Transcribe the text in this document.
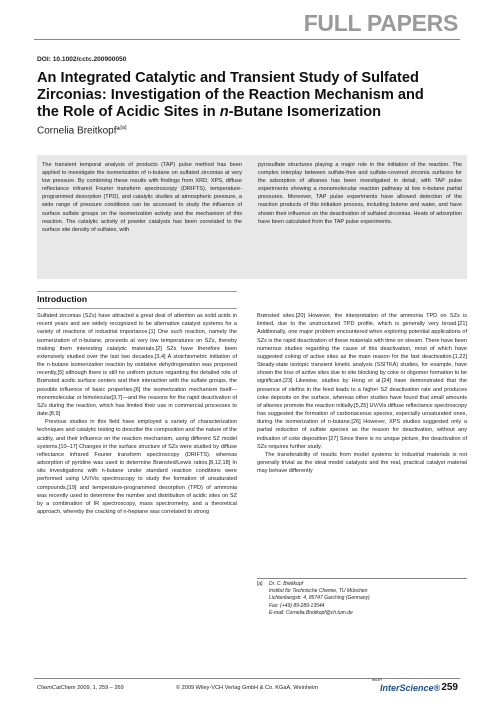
FULL PAPERS
DOI: 10.1002/cctc.200900050
An Integrated Catalytic and Transient Study of Sulfated
Zirconias: Investigation of the Reaction Mechanism and
the Role of Acidic Sites in n-Butane Isomerization
Cornelia Breitkopf*[a]
The transient temporal analysis of products (TAP) pulse method has been applied to investigate the isomerization of n-butane on sulfated zirconias at very low pressure. By combining these results with findings from XRD, XPS, diffuse reflectance infrared Fourier transform spectroscopy (DRIFTS), temperature-programmed desorption (TPD), and catalytic studies at atmospheric pressure, a wide range of pressure conditions can be accessed to study the influence of surface sulfate groups on the isomerization activity and the mechanism of this reaction. The catalytic activity of powder catalysts has been correlated to the surface site density of sulfates, with
pyrosulfate structures playing a major role in the initiation of the reaction. The complex interplay between sulfate-free and sulfate-covered zirconia surfaces for the adsorption of alkanes has been investigated in detail, with TAP pulse experiments showing a monomolecular reaction pathway at low n-butane partial pressures. Moreover, TAP pulse experiments have allowed detection of the reaction products of this initiation process, including butene and water, and have shown their influence on the deactivation of sulfated zirconias. Heats of adsorption have been calculated from the TAP pulse experiments.
Introduction

Sulfated zirconias (SZs) have attracted a great deal of attention as solid acids in recent years and are widely recognized to be alternative catalyst systems for a variety of reactions of industrial importance.[1] One such reaction, namely the isomerization of n-butane, proceeds at very low temperatures on SZs, thereby making them interesting catalytic materials.[2] SZs have therefore been extensively studied over the last two decades.[3,4] A stoichiometric initiation of the n-butane isomerization reaction by oxidative dehydrogenation was proposed recently,[5] although there is still no uniform picture regarding the detailed role of Brønsted acidic surface centers and their interaction with the sulfate groups, the possible influence of basic properties,[6] the isomerization mechanism itself—monomolecular or bimolecular[3,7]—and the reasons for the rapid deactivation of SZs during the reaction, which has limited their use in commercial processes to date.[8,9]

Previous studies in this field have employed a variety of characterization techniques and catalytic testing to describe the composition and the nature of the acidity, and their influence on the reaction mechanism, using different SZ model systems.[10–17] Changes in the surface structure of SZs were studied by diffuse reflectance infrared Fourier transform spectroscopy (DRIFTS), whereas adsorption of pyridine was used to determine Brønsted/Lewis ratios.[8,12,18] In situ investigations with n-butane under standard reaction conditions were performed using UV/Vis spectroscopy to study the formation of unsaturated compounds,[19] and temperature-programmed desorption (TPD) of ammonia was recently used to determine the number and distribution of acidic sites on SZ by a combination of IR spectroscopy, mass spectrometry, and a theoretical approach, whereby the cracking of n-heptane was correlated to strong

Brønsted sites.[20] However, the interpretation of the ammonia TPD on SZs is limited, due to the unstructured TPD profile, which is generally very broad.[21] Additionally, one major problem encountered when exploring potential applications of SZs is the rapid deactivation of these materials with time on stream. There have been numerous studies regarding the cause of this deactivation, most of which have suggested coking of active sites as the main reason for the fast deactivation.[1,22] Steady-state isotopic transient kinetic analysis (SSITKA) studies, for example, have shown the loss of active sites due to site blocking by coke or oligomer formation to be significant.[23] Likewise, studies by Hong et al.[24] have demonstrated that the presence of olefins in the feed leads to a higher SZ deactivation rate and produces coke deposits on the surface, whereas other studies have found that small amounts of alkenes promote the reaction initially.[5,25] UV/Vis diffuse reflectance spectroscopy has suggested the formation of carbonaceous species, especially unsaturated ones, during the isomerization of n-butane.[26] However, XPS studies suggested only a partial reduction of sulfate species as the reason for deactivation, without any indication of coke deposition.[27] Since there is no unique picture, the deactivation of SZs requires further study.

The transferability of results from model systems to industrial materials is not generally trivial as the ideal model catalysts and the real, practical catalyst material may behave differently

[a] Dr. C. Breitkopf
Institut für Technische Chemie, TU München
Lichtenbergstr. 4, 85747 Garching (Germany)
Fax: (+49) 89-289-13544
E-mail: Cornelia.Breitkopf@ch.tum.de
ChemCatChem 2009, 1, 259 – 269	© 2009 Wiley-VCH Verlag GmbH & Co. KGaA, Weinheim
WILEY
InterScience® 259
